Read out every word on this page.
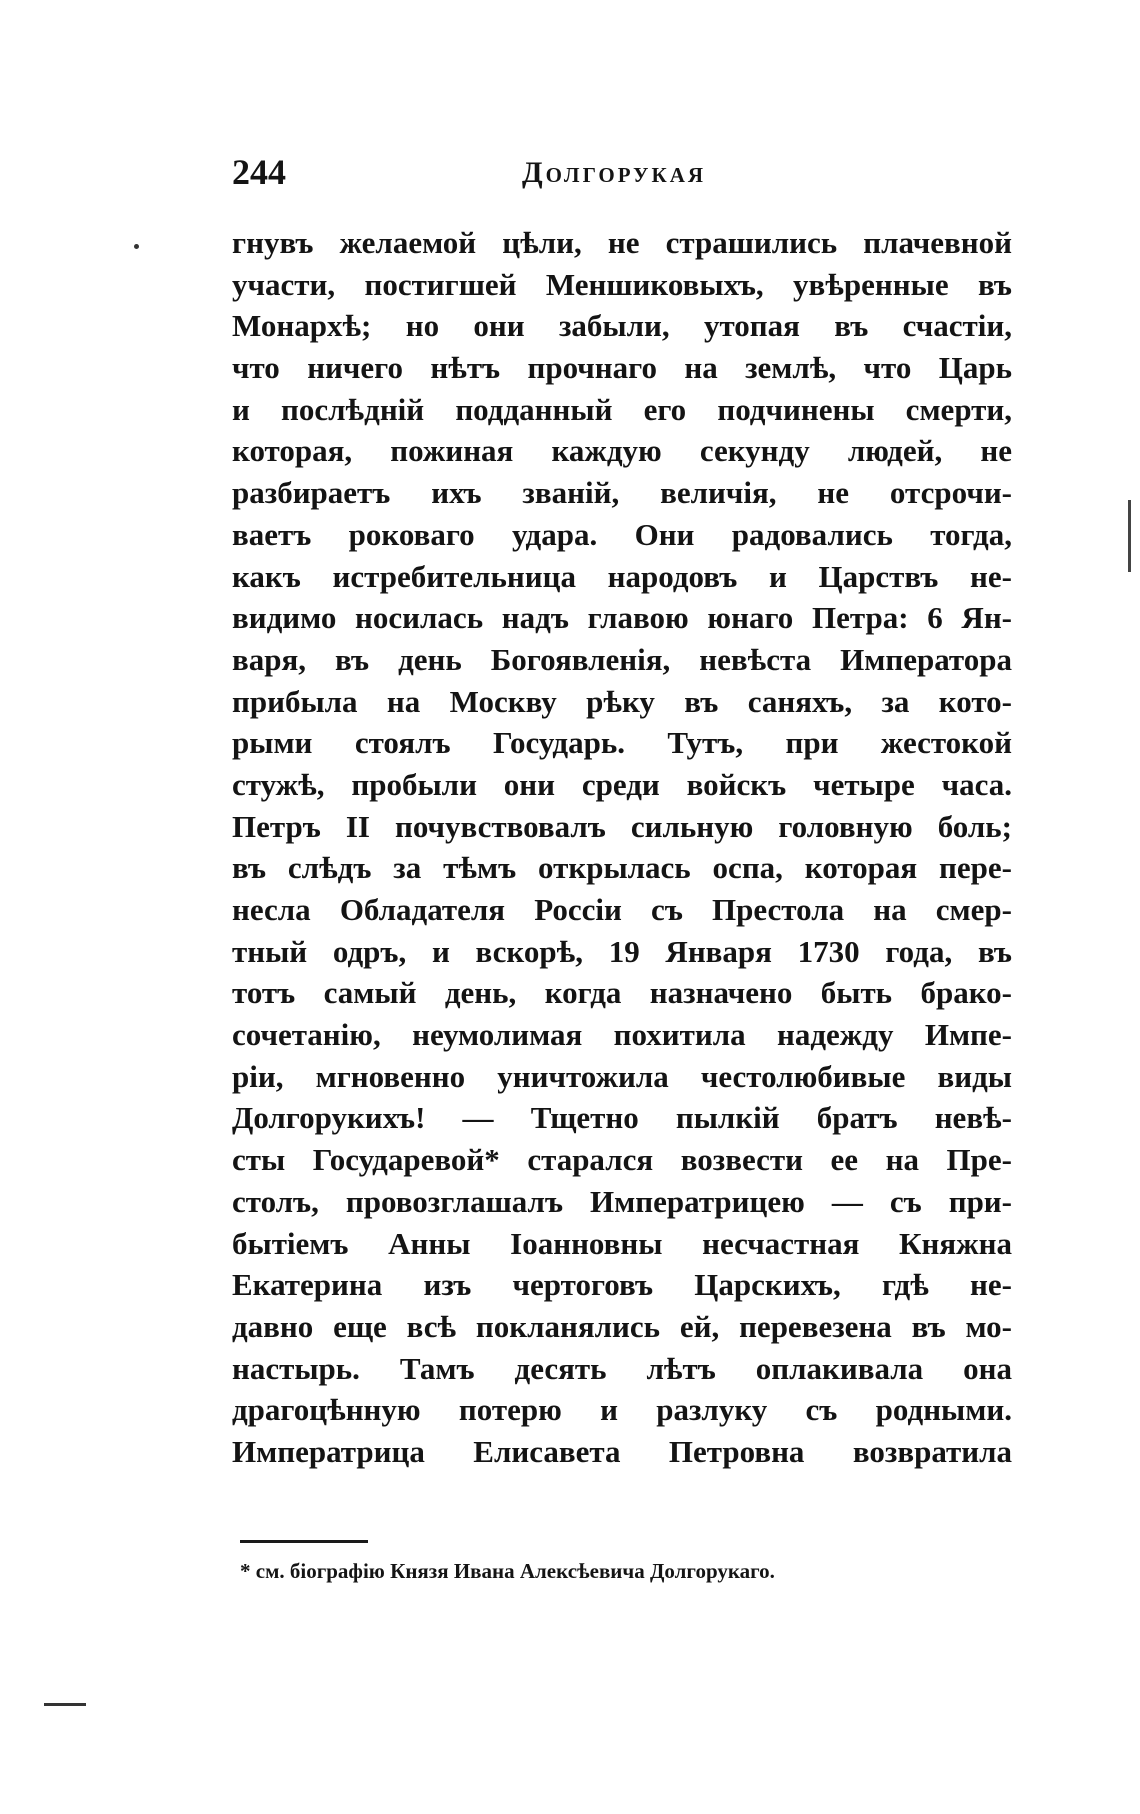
244	Долгорукая
гнувъ желаемой цѣли, не страшились плачевной
участи, постигшей Меншиковыхъ, увѣренные въ
Монархѣ; но они забыли, утопая въ счастіи,
что ничего нѣтъ прочнаго на землѣ, что Царь
и послѣдній подданный его подчинены смерти,
которая, пожиная каждую секунду людей, не
разбираетъ ихъ званій, величія, не отсрочи-
ваетъ роковаго удара. Они радовались тогда,
какъ истребительница народовъ и Царствъ не-
видимо носилась надъ главою юнаго Петра: 6 Ян-
варя, въ день Богоявленія, невѣста Императора
прибыла на Москву рѣку въ саняхъ, за кото-
рыми стоялъ Государь. Тутъ, при жестокой
стужѣ, пробыли они среди войскъ четыре часа.
Петръ II почувствовалъ сильную головную боль;
въ слѣдъ за тѣмъ открылась оспа, которая пере-
несла Обладателя Россіи съ Престола на смер-
тный одръ, и вскорѣ, 19 Января 1730 года, въ
тотъ самый день, когда назначено быть брако-
сочетанію, неумолимая похитила надежду Импе-
ріи, мгновенно уничтожила честолюбивые виды
Долгорукихъ! — Тщетно пылкій братъ невѣ-
сты Государевой* старался возвести ее на Пре-
столъ, провозглашалъ Императрицею — съ при-
бытіемъ Анны Іоанновны несчастная Княжна
Екатерина изъ чертоговъ Царскихъ, гдѣ не-
давно еще всѣ покланялись ей, перевезена въ мо-
настырь. Тамъ десять лѣтъ оплакивала она
драгоцѣнную потерю и разлуку съ родными.
Императрица Елисавета Петровна возвратила
* см. біографію Князя Ивана Алексѣевича Долгорукаго.
